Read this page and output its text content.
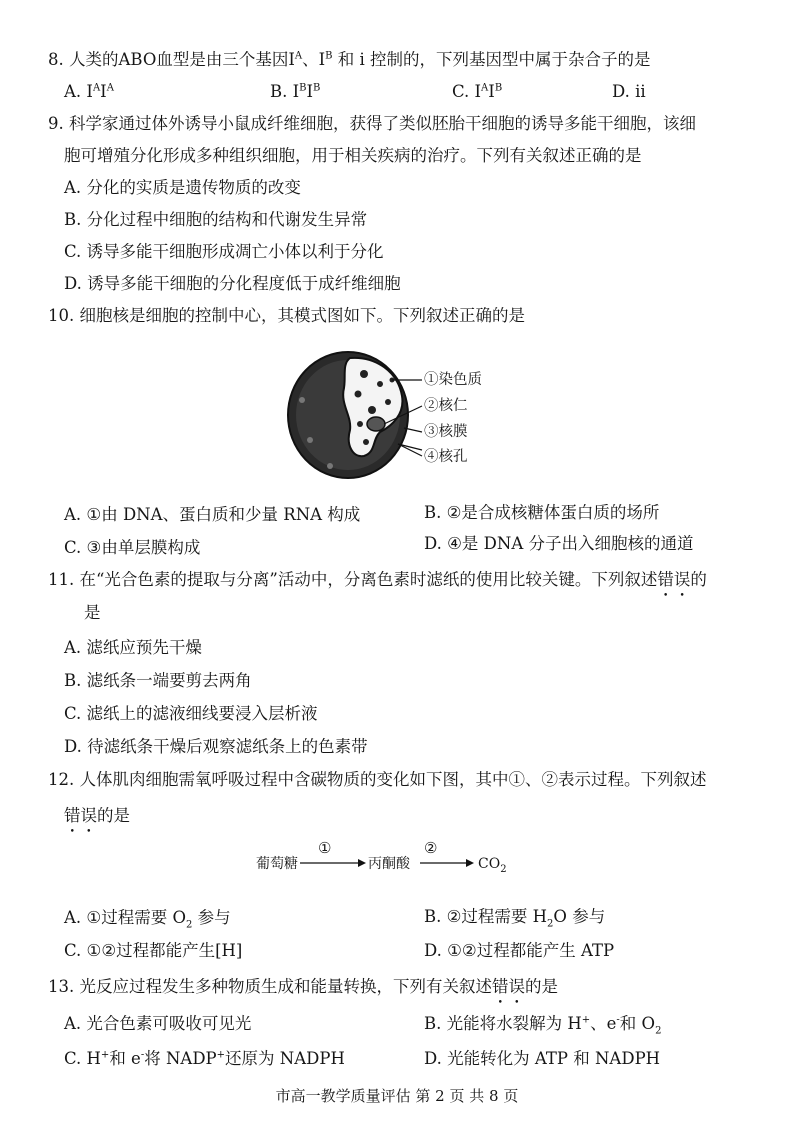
8. 人类的ABO血型是由三个基因$I^A$、$I^B$ 和 i 控制的，下列基因型中属于杂合子的是
A. $I^AI^A$	B. $I^BI^B$	C. $I^AI^B$	D. ii
9. 科学家通过体外诱导小鼠成纤维细胞，获得了类似胚胎干细胞的诱导多能干细胞，该细
胞可增殖分化形成多种组织细胞，用于相关疾病的治疗。下列有关叙述正确的是
A. 分化的实质是遗传物质的改变
B. 分化过程中细胞的结构和代谢发生异常
C. 诱导多能干细胞形成凋亡小体以利于分化
D. 诱导多能干细胞的分化程度低于成纤维细胞
10. 细胞核是细胞的控制中心，其模式图如下。下列叙述正确的是
①染色质
②核仁
③核膜
④核孔
A. ①由 DNA、蛋白质和少量 RNA 构成	B. ②是合成核糖体蛋白质的场所
C. ③由单层膜构成	D. ④是 DNA 分子出入细胞核的通道
11. 在“光合色素的提取与分离”活动中，分离色素时滤纸的使用比较关键。下列叙述错误的
是
A. 滤纸应预先干燥
B. 滤纸条一端要剪去两角
C. 滤纸上的滤液细线要浸入层析液
D. 待滤纸条干燥后观察滤纸条上的色素带
12. 人体肌肉细胞需氧呼吸过程中含碳物质的变化如下图，其中①、②表示过程。下列叙述
错误的是
葡萄糖
①
丙酮酸
②
$CO_2$
A. ①过程需要 $O_2$ 参与	B. ②过程需要 $H_2O$ 参与
C. ①②过程都能产生[H]	D. ①②过程都能产生 ATP
13. 光反应过程发生多种物质生成和能量转换，下列有关叙述错误的是
A. 光合色素可吸收可见光	B. 光能将水裂解为 H+、e-和 $O_2$
C. H+和 e-将 NADP+还原为 NADPH	D. 光能转化为 ATP 和 NADPH
市高一教学质量评估 第 2 页 共 8 页
